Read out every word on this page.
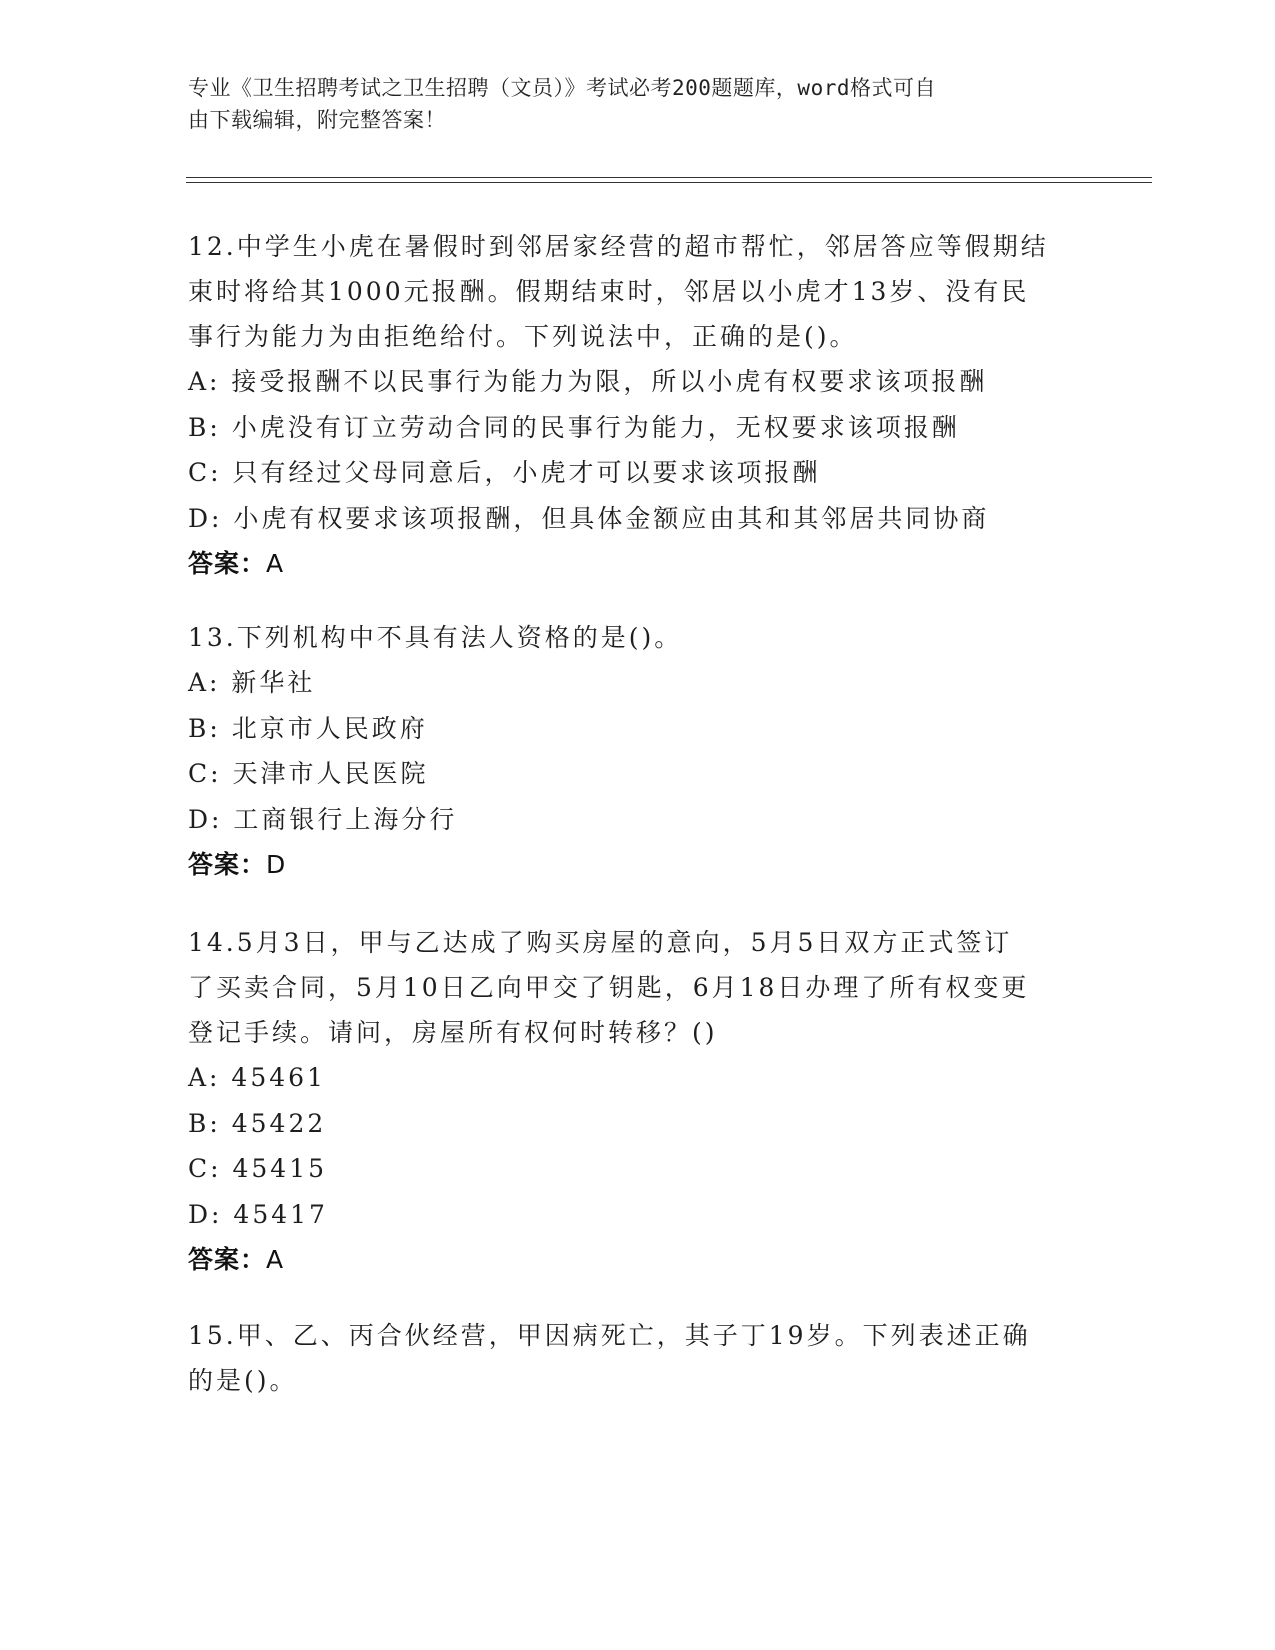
专业《卫生招聘考试之卫生招聘（文员）》考试必考200题题库，word格式可自
由下载编辑，附完整答案！

12.中学生小虎在暑假时到邻居家经营的超市帮忙，邻居答应等假期结

束时将给其1000元报酬。假期结束时，邻居以小虎才13岁、没有民

事行为能力为由拒绝给付。下列说法中，正确的是()。

A: 接受报酬不以民事行为能力为限，所以小虎有权要求该项报酬

B: 小虎没有订立劳动合同的民事行为能力，无权要求该项报酬

C: 只有经过父母同意后，小虎才可以要求该项报酬

D: 小虎有权要求该项报酬，但具体金额应由其和其邻居共同协商

答案：A

13.下列机构中不具有法人资格的是()。

A: 新华社

B: 北京市人民政府

C: 天津市人民医院

D: 工商银行上海分行

答案：D

14.5月3日，甲与乙达成了购买房屋的意向，5月5日双方正式签订

了买卖合同，5月10日乙向甲交了钥匙，6月18日办理了所有权变更

登记手续。请问，房屋所有权何时转移？()

A: 45461

B: 45422

C: 45415

D: 45417

答案：A

15.甲、乙、丙合伙经营，甲因病死亡，其子丁19岁。下列表述正确

的是()。
